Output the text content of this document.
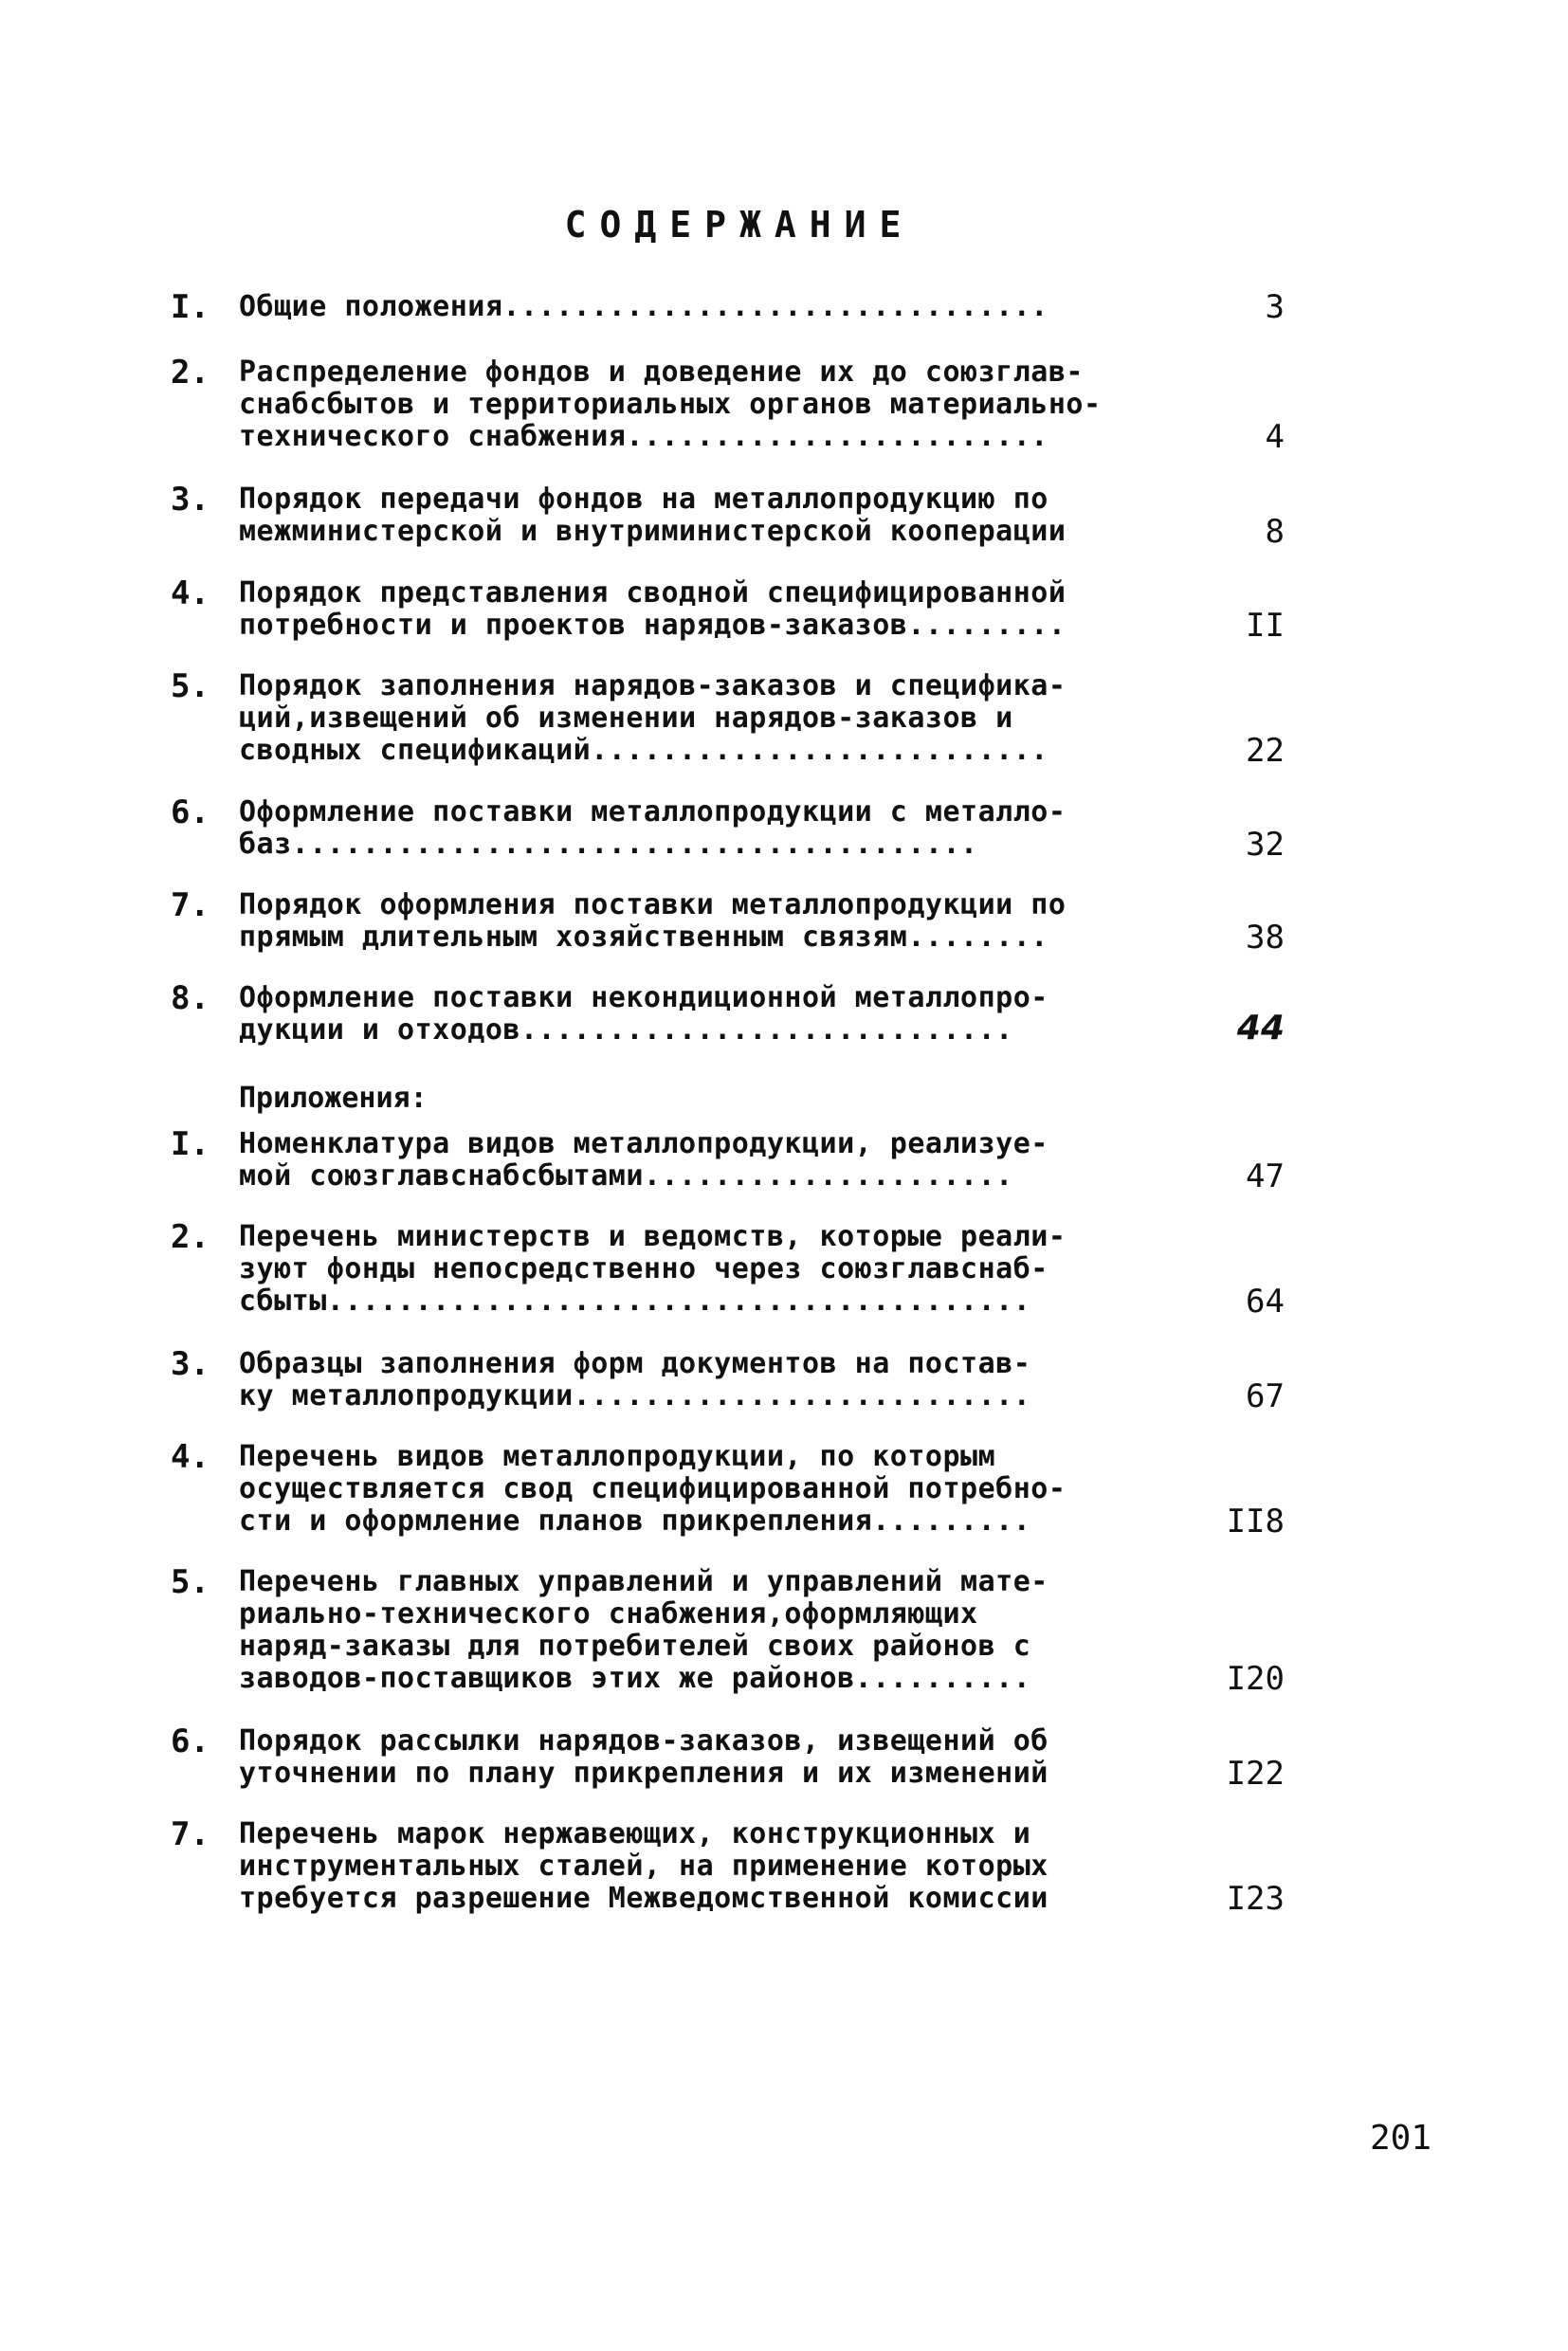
СОДЕРЖАНИЕ
I.	Общие положения...............................	3
2.	Распределение фондов и доведение их до союзглав-
снабсбытов и территориальных органов материально-
технического снабжения........................	4
3.	Порядок передачи фондов на металлопродукцию по
межминистерской и внутриминистерской кооперации	8
4.	Порядок представления сводной специфицированной
потребности и проектов нарядов-заказов.........	II
5.	Порядок заполнения нарядов-заказов и специфика-
ций,извещений об изменении нарядов-заказов и
сводных спецификаций..........................	22
6.	Оформление поставки металлопродукции с металло-
баз.......................................	32
7.	Порядок оформления поставки металлопродукции по
прямым длительным хозяйственным связям........	38
8.	Оформление поставки некондиционной металлопро-
дукции и отходов............................	44
Приложения:
I.	Номенклатура видов металлопродукции, реализуе-
мой союзглавснабсбытами.....................	47
2.	Перечень министерств и ведомств, которые реали-
зуют фонды непосредственно через союзглавснаб-
сбыты........................................	64
3.	Образцы заполнения форм документов на постав-
ку металлопродукции..........................	67
4.	Перечень видов металлопродукции, по которым
осуществляется свод специфицированной потребно-
сти и оформление планов прикрепления.........	II8
5.	Перечень главных управлений и управлений мате-
риально-технического снабжения,оформляющих
наряд-заказы для потребителей своих районов с
заводов-поставщиков этих же районов..........	I20
6.	Порядок рассылки нарядов-заказов, извещений об
уточнении по плану прикрепления и их изменений	I22
7.	Перечень марок нержавеющих, конструкционных и
инструментальных сталей, на применение которых
требуется разрешение Межведомственной комиссии	I23
201
